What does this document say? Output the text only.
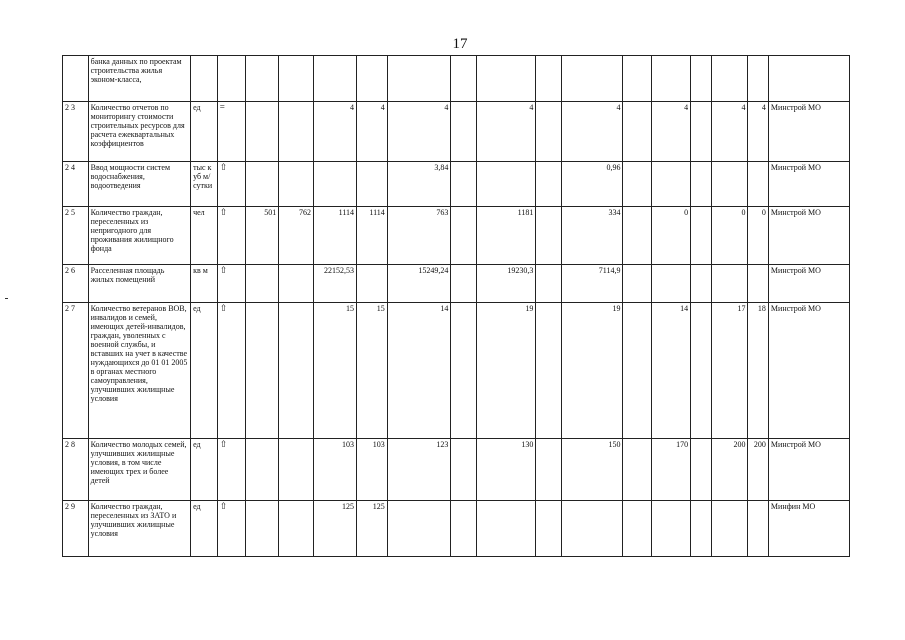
17
	банка данных по проектам строительства жилья эконом-класса,																	
2 3	Количество отчетов по мониторингу стоимости строительных ресурсов для расчета ежеквартальных коэффициентов	ед	=			4	4	4		4		4		4		4	4	Минстрой МО
2 4	Ввод мощности систем водоснабжения, водоотведения	тыс к уб м/ сутки	⇧					3,84				0,96						Минстрой МО
2 5	Количество граждан, переселенных из непригодного для проживания жилищного фонда	чел	⇧	501	762	1114	1114	763		1181		334		0		0	0	Минстрой МО
2 6	Расселенная площадь жилых помещений	кв м	⇧			22152,53		15249,24		19230,3		7114,9						Минстрой МО
2 7	Количество ветеранов ВОВ, инвалидов и семей, имеющих детей-инвалидов, граждан, уволенных с военной службы, и вставших на учет в качестве нуждающихся до 01 01 2005 в органах местного самоуправления, улучшивших жилищные условия	ед	⇧			15	15	14		19		19		14		17	18	Минстрой МО
2 8	Количество молодых семей, улучшивших жилищные условия, в том числе имеющих трех и более детей	ед	⇧			103	103	123		130		150		170		200	200	Минстрой МО
2 9	Количество граждан, переселенных из ЗАТО и улучшивших жилищные условия	ед	⇧			125	125											Минфин МО
